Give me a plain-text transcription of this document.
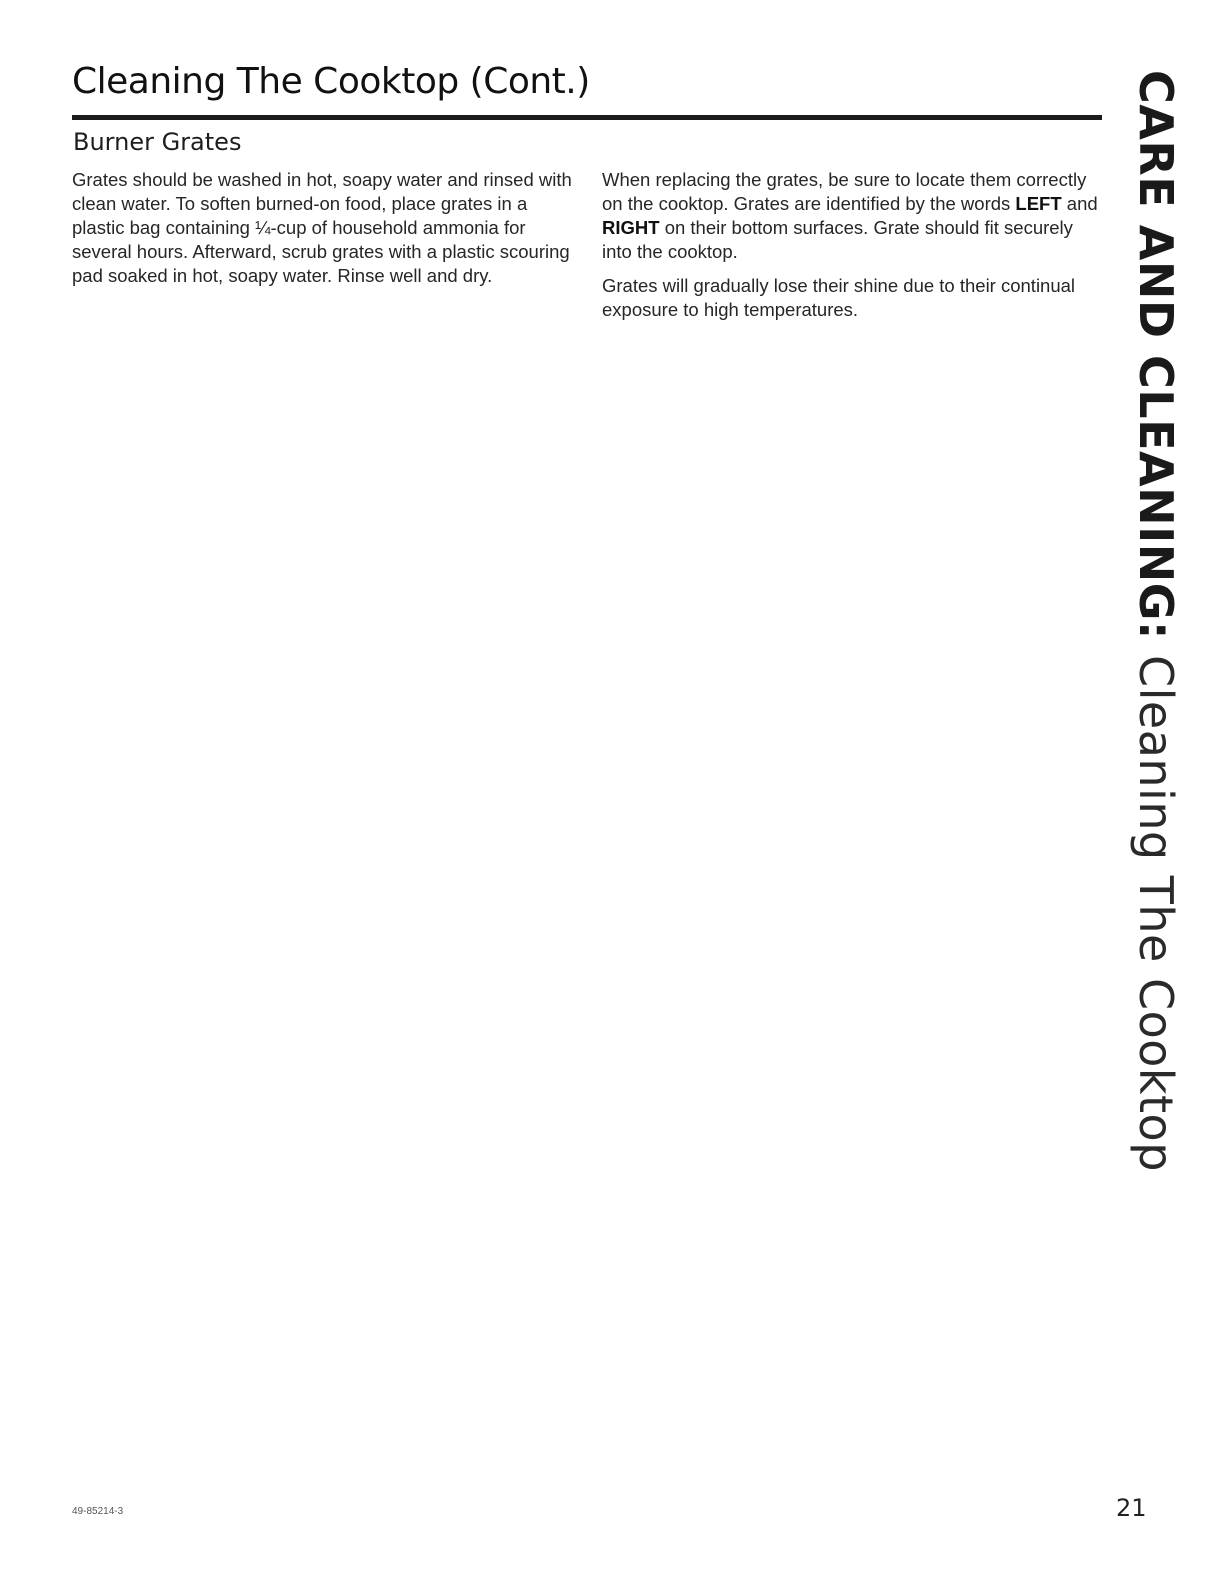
Cleaning The Cooktop (Cont.)
Burner Grates

Grates should be washed in hot, soapy water and rinsed with clean water. To soften burned-on food, place grates in a plastic bag containing ¼-cup of household ammonia for several hours. Afterward, scrub grates with a plastic scouring pad soaked in hot, soapy water. Rinse well and dry.

When replacing the grates, be sure to locate them correctly on the cooktop. Grates are identified by the words LEFT and RIGHT on their bottom surfaces. Grate should fit securely into the cooktop.

Grates will gradually lose their shine due to their continual exposure to high temperatures.	CARE AND CLEANING: Cleaning The Cooktop
49-85214-3	21
